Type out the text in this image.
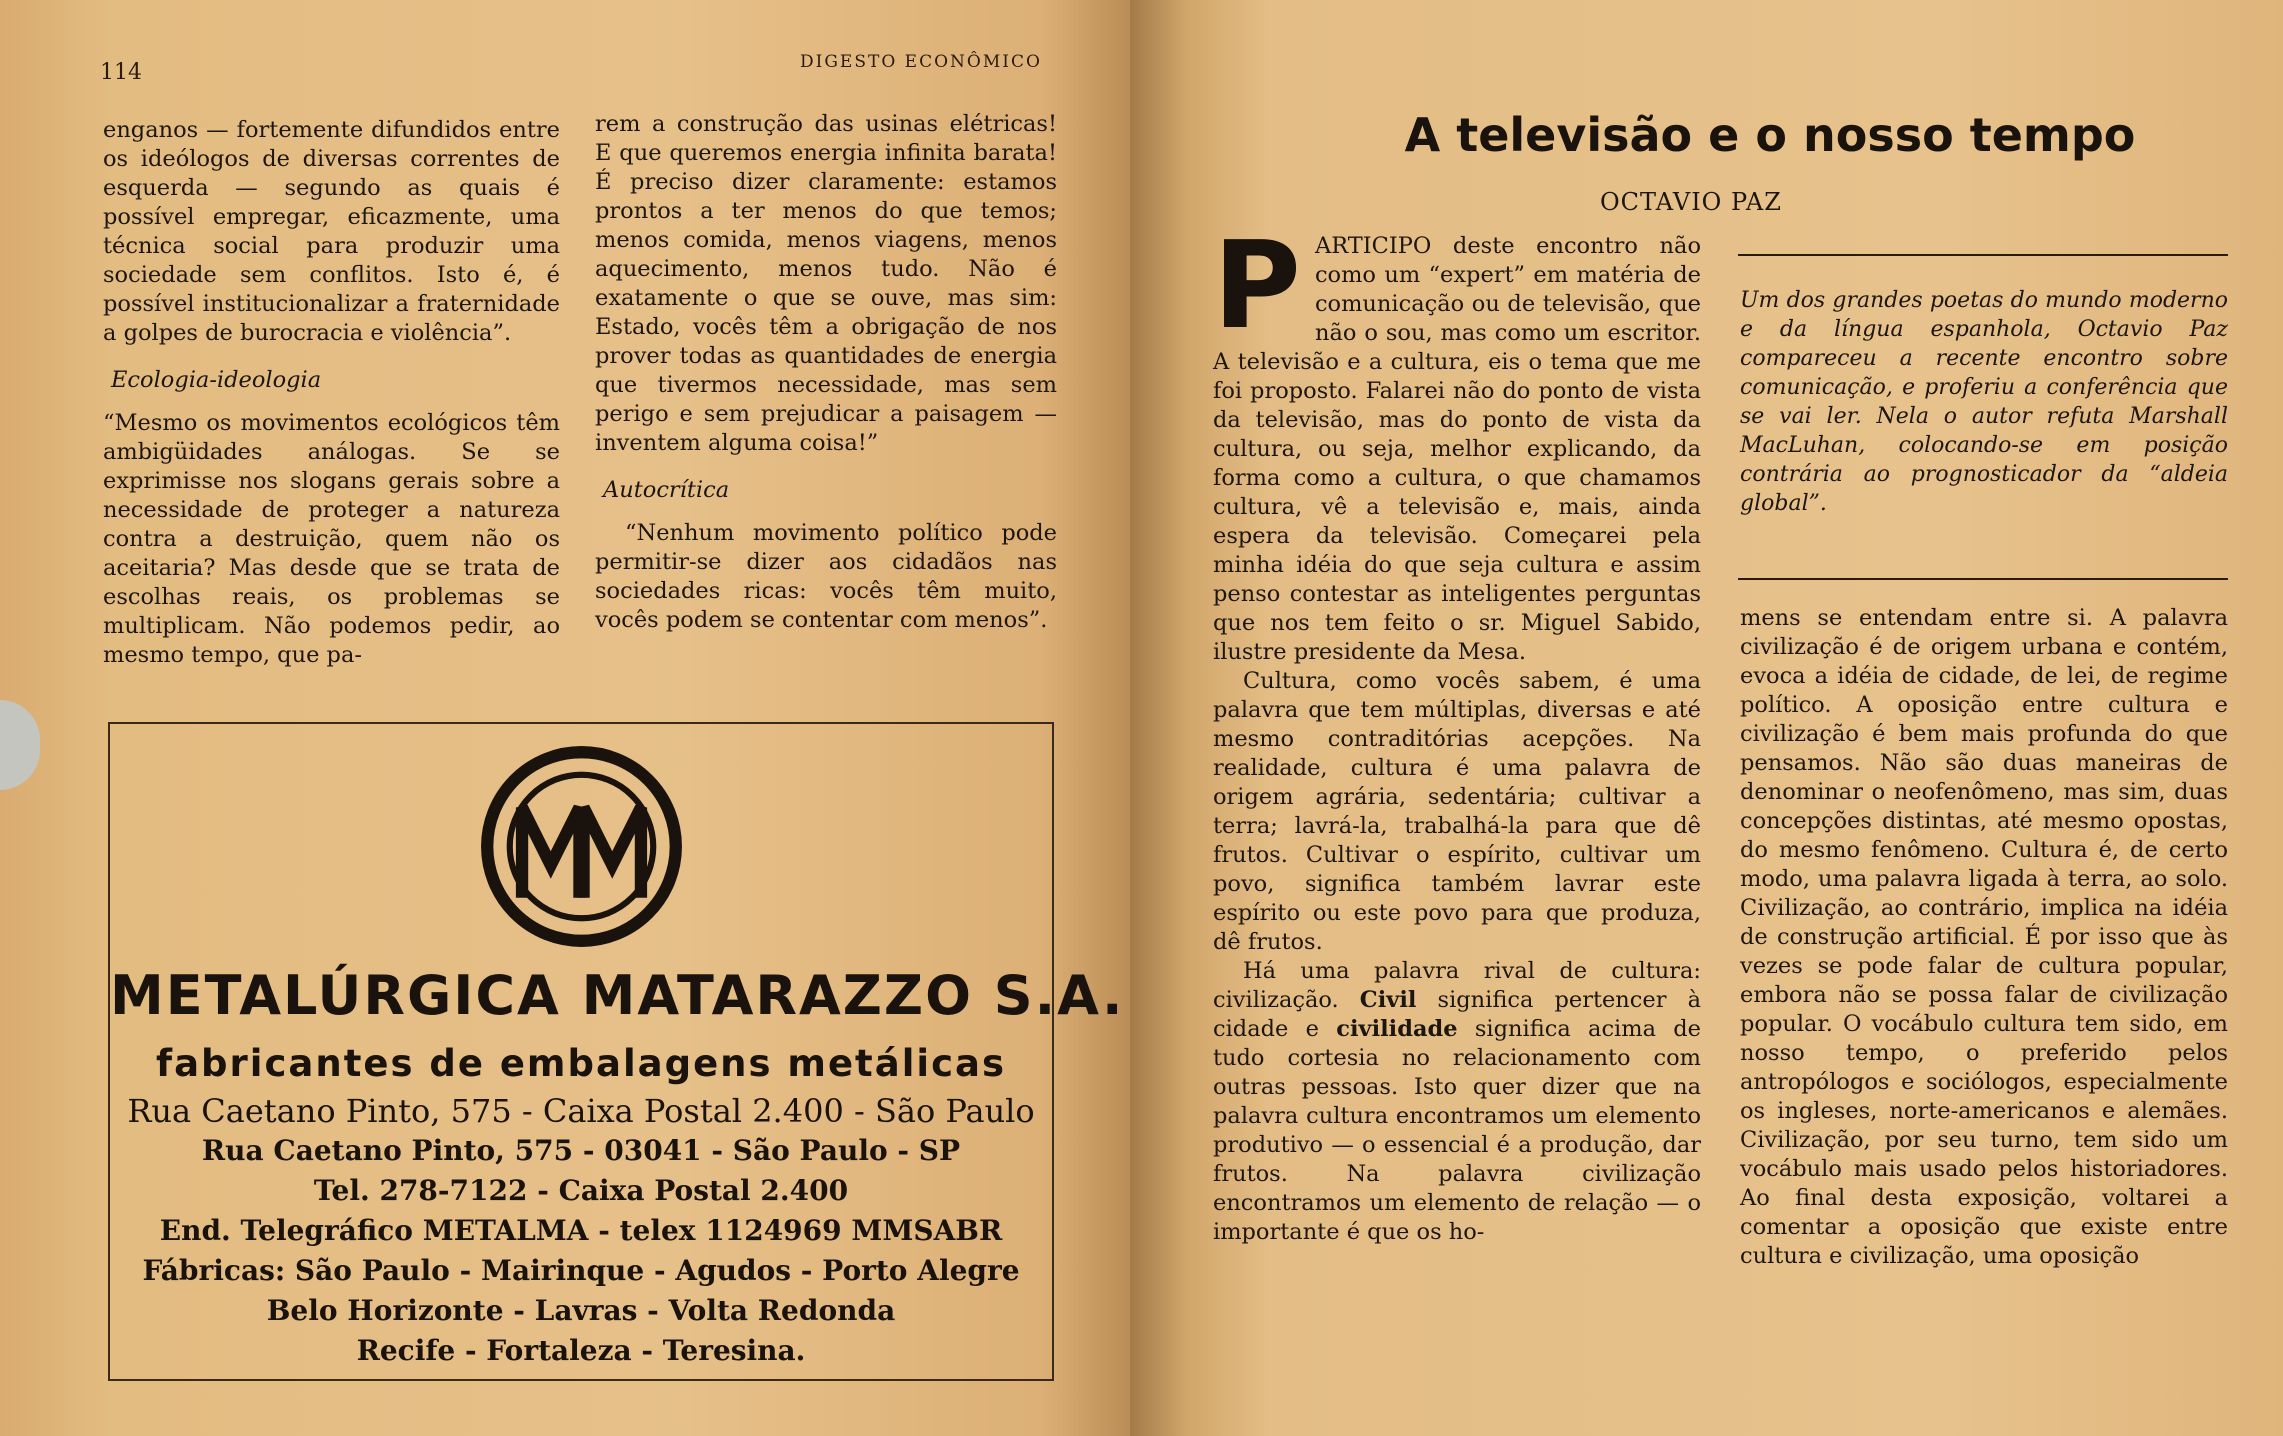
114	DIGESTO ECONÔMICO

enganos — fortemente difundidos entre os ideólogos de diversas correntes de esquerda — segundo as quais é possível empregar, eficazmente, uma técnica social para produzir uma sociedade sem conflitos. Isto é, é possível institucionalizar a fraternidade a golpes de burocracia e violência”.

Ecologia-ideologia

“Mesmo os movimentos ecológicos têm ambigüidades análogas. Se se exprimisse nos slogans gerais sobre a necessidade de proteger a natureza contra a destruição, quem não os aceitaria? Mas desde que se trata de escolhas reais, os problemas se multiplicam. Não podemos pedir, ao mesmo tempo, que pa-

rem a construção das usinas elétricas! E que queremos energia infinita barata! É preciso dizer claramente: estamos prontos a ter menos do que temos; menos comida, menos viagens, menos aquecimento, menos tudo. Não é exatamente o que se ouve, mas sim: Estado, vocês têm a obrigação de nos prover todas as quantidades de energia que tivermos necessidade, mas sem perigo e sem prejudicar a paisagem — inventem alguma coisa!”

Autocrítica

“Nenhum movimento político pode permitir-se dizer aos cidadãos nas sociedades ricas: vocês têm muito, vocês podem se contentar com menos”.

METALÚRGICA MATARAZZO S.A.
fabricantes de embalagens metálicas
Rua Caetano Pinto, 575 - Caixa Postal 2.400 - São Paulo
Rua Caetano Pinto, 575 - 03041 - São Paulo - SP
Tel. 278-7122 - Caixa Postal 2.400
End. Telegráfico METALMA - telex 1124969 MMSABR
Fábricas: São Paulo - Mairinque - Agudos - Porto Alegre
Belo Horizonte - Lavras - Volta Redonda
Recife - Fortaleza - Teresina.
A televisão e o nosso tempo
OCTAVIO PAZ

PARTICIPO deste encontro não como um “expert” em matéria de comunicação ou de televisão, que não o sou, mas como um escritor. A televisão e a cultura, eis o tema que me foi proposto. Falarei não do ponto de vista da televisão, mas do ponto de vista da cultura, ou seja, melhor explicando, da forma como a cultura, o que chamamos cultura, vê a televisão e, mais, ainda espera da televisão. Começarei pela minha idéia do que seja cultura e assim penso contestar as inteligentes perguntas que nos tem feito o sr. Miguel Sabido, ilustre presidente da Mesa.

Cultura, como vocês sabem, é uma palavra que tem múltiplas, diversas e até mesmo contraditórias acepções. Na realidade, cultura é uma palavra de origem agrária, sedentária; cultivar a terra; lavrá-la, trabalhá-la para que dê frutos. Cultivar o espírito, cultivar um povo, significa também lavrar este espírito ou este povo para que produza, dê frutos.

Há uma palavra rival de cultura: civilização. Civil significa pertencer à cidade e civilidade significa acima de tudo cortesia no relacionamento com outras pessoas. Isto quer dizer que na palavra cultura encontramos um elemento produtivo — o essencial é a produção, dar frutos. Na palavra civilização encontramos um elemento de relação — o importante é que os ho-

Um dos grandes poetas do mundo moderno e da língua espanhola, Octavio Paz compareceu a recente encontro sobre comunicação, e proferiu a conferência que se vai ler. Nela o autor refuta Marshall MacLuhan, colocando-se em posição contrária ao prognosticador da “aldeia global”.

mens se entendam entre si. A palavra civilização é de origem urbana e contém, evoca a idéia de cidade, de lei, de regime político. A oposição entre cultura e civilização é bem mais profunda do que pensamos. Não são duas maneiras de denominar o neofenômeno, mas sim, duas concepções distintas, até mesmo opostas, do mesmo fenômeno. Cultura é, de certo modo, uma palavra ligada à terra, ao solo. Civilização, ao contrário, implica na idéia de construção artificial. É por isso que às vezes se pode falar de cultura popular, embora não se possa falar de civilização popular. O vocábulo cultura tem sido, em nosso tempo, o preferido pelos antropólogos e sociólogos, especialmente os ingleses, norte-americanos e alemães. Civilização, por seu turno, tem sido um vocábulo mais usado pelos historiadores. Ao final desta exposição, voltarei a comentar a oposição que existe entre cultura e civilização, uma oposição
